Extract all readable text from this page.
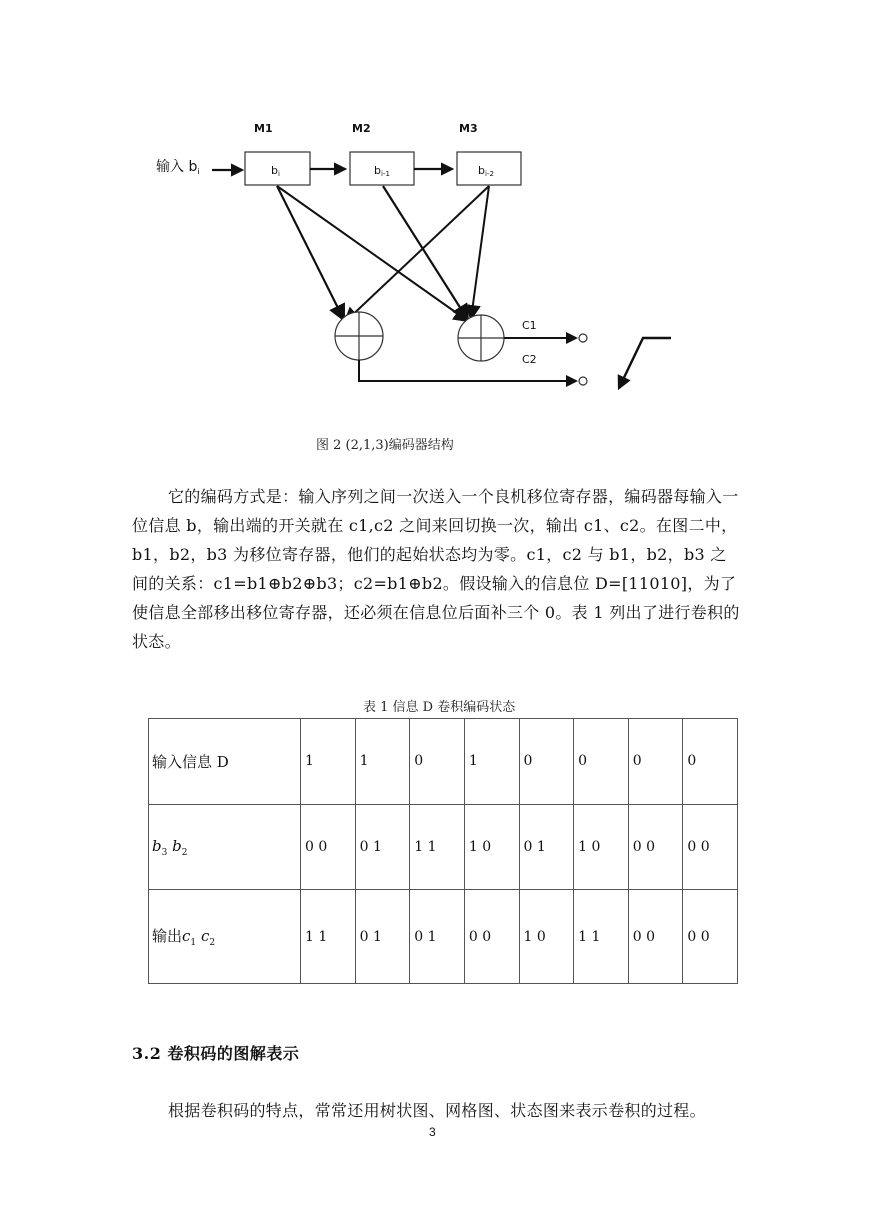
M1	M2	M3
输入 $b_i$	bi	bi-1	bi-2
C1
C2
图 2 (2,1,3)编码器结构

它的编码方式是：输入序列之间一次送入一个良机移位寄存器，编码器每输入一位信息 b，输出端的开关就在 c1,c2 之间来回切换一次，输出 c1、c2。在图二中，b1，b2，b3 为移位寄存器，他们的起始状态均为零。c1，c2 与 b1，b2，b3 之间的关系：c1=b1⊕b2⊕b3；c2=b1⊕b2。假设输入的信息位 D=[11010]，为了使信息全部移出移位寄存器，还必须在信息位后面补三个 0。表 1 列出了进行卷积的状态。

表 1 信息 D 卷积编码状态
输入信息 D	1	1	0	1	0	0	0	0
$b_3$ $b_2$	0 0	0 1	1 1	1 0	0 1	1 0	0 0	0 0
输出$c_1$ $c_2$	1 1	0 1	0 1	0 0	1 0	1 1	0 0	0 0
3.2 卷积码的图解表示

根据卷积码的特点，常常还用树状图、网格图、状态图来表示卷积的过程。

3
